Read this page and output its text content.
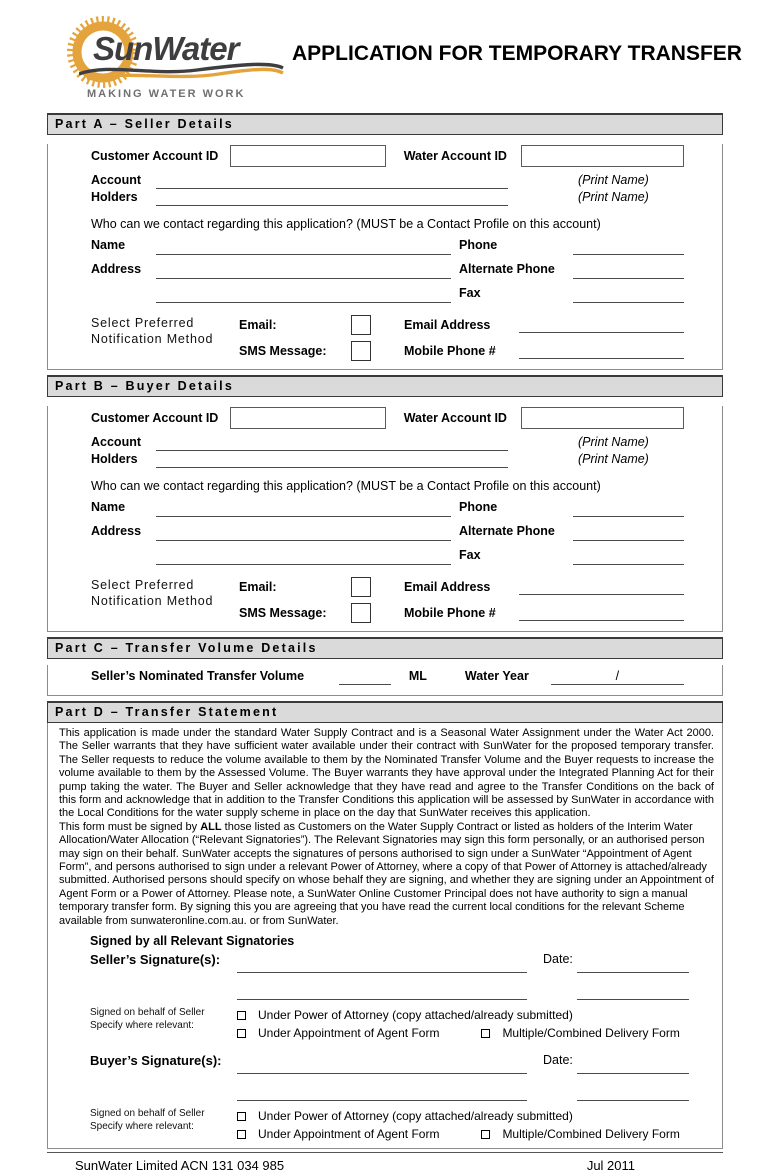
SunWater
MAKING WATER WORK
APPLICATION FOR TEMPORARY TRANSFER
Part A – Seller Details
Customer Account ID	Water Account ID
Account
Holders
(Print Name)
(Print Name)
Who can we contact regarding this application? (MUST be a Contact Profile on this account)
Name	Phone
Address	Alternate Phone
Fax
Select Preferred
Notification Method
Email:	Email Address
SMS Message:	Mobile Phone #
Part B – Buyer Details
Customer Account ID	Water Account ID
Account
Holders
(Print Name)
(Print Name)
Who can we contact regarding this application? (MUST be a Contact Profile on this account)
Name	Phone
Address	Alternate Phone
Fax
Select Preferred
Notification Method
Email:	Email Address
SMS Message:	Mobile Phone #
Part C – Transfer Volume Details
Seller’s Nominated Transfer Volume	ML	Water Year	/
Part D – Transfer Statement

This application is made under the standard Water Supply Contract and is a Seasonal Water Assignment under the Water Act 2000. The Seller warrants that they have sufficient water available under their contract with SunWater for the proposed temporary transfer. The Seller requests to reduce the volume available to them by the Nominated Transfer Volume and the Buyer requests to increase the volume available to them by the Assessed Volume. The Buyer warrants they have approval under the Integrated Planning Act for their pump taking the water. The Buyer and Seller acknowledge that they have read and agree to the Transfer Conditions on the back of this form and acknowledge that in addition to the Transfer Conditions this application will be assessed by SunWater in accordance with the Local Conditions for the water supply scheme in place on the day that SunWater receives this application.

This form must be signed by ALL those listed as Customers on the Water Supply Contract or listed as holders of the Interim Water Allocation/Water Allocation (“Relevant Signatories”). The Relevant Signatories may sign this form personally, or an authorised person may sign on their behalf. SunWater accepts the signatures of persons authorised to sign under a SunWater “Appointment of Agent Form”, and persons authorised to sign under a relevant Power of Attorney, where a copy of that Power of Attorney is attached/already submitted. Authorised persons should specify on whose behalf they are signing, and whether they are signing under an Appointment of Agent Form or a Power of Attorney. Please note, a SunWater Online Customer Principal does not have authority to sign a manual temporary transfer form. By signing this you are agreeing that you have read the current local conditions for the relevant Scheme available from sunwateronline.com.au. or from SunWater.

Signed by all Relevant Signatories
Seller’s Signature(s):	Date:
Signed on behalf of Seller
Specify where relevant:
Under Power of Attorney (copy attached/already submitted)
Under Appointment of Agent Form	Multiple/Combined Delivery Form
Buyer’s Signature(s):	Date:
Signed on behalf of Seller
Specify where relevant:
Under Power of Attorney (copy attached/already submitted)
Under Appointment of Agent Form	Multiple/Combined Delivery Form
SunWater Limited ACN 131 034 985	Jul 2011
